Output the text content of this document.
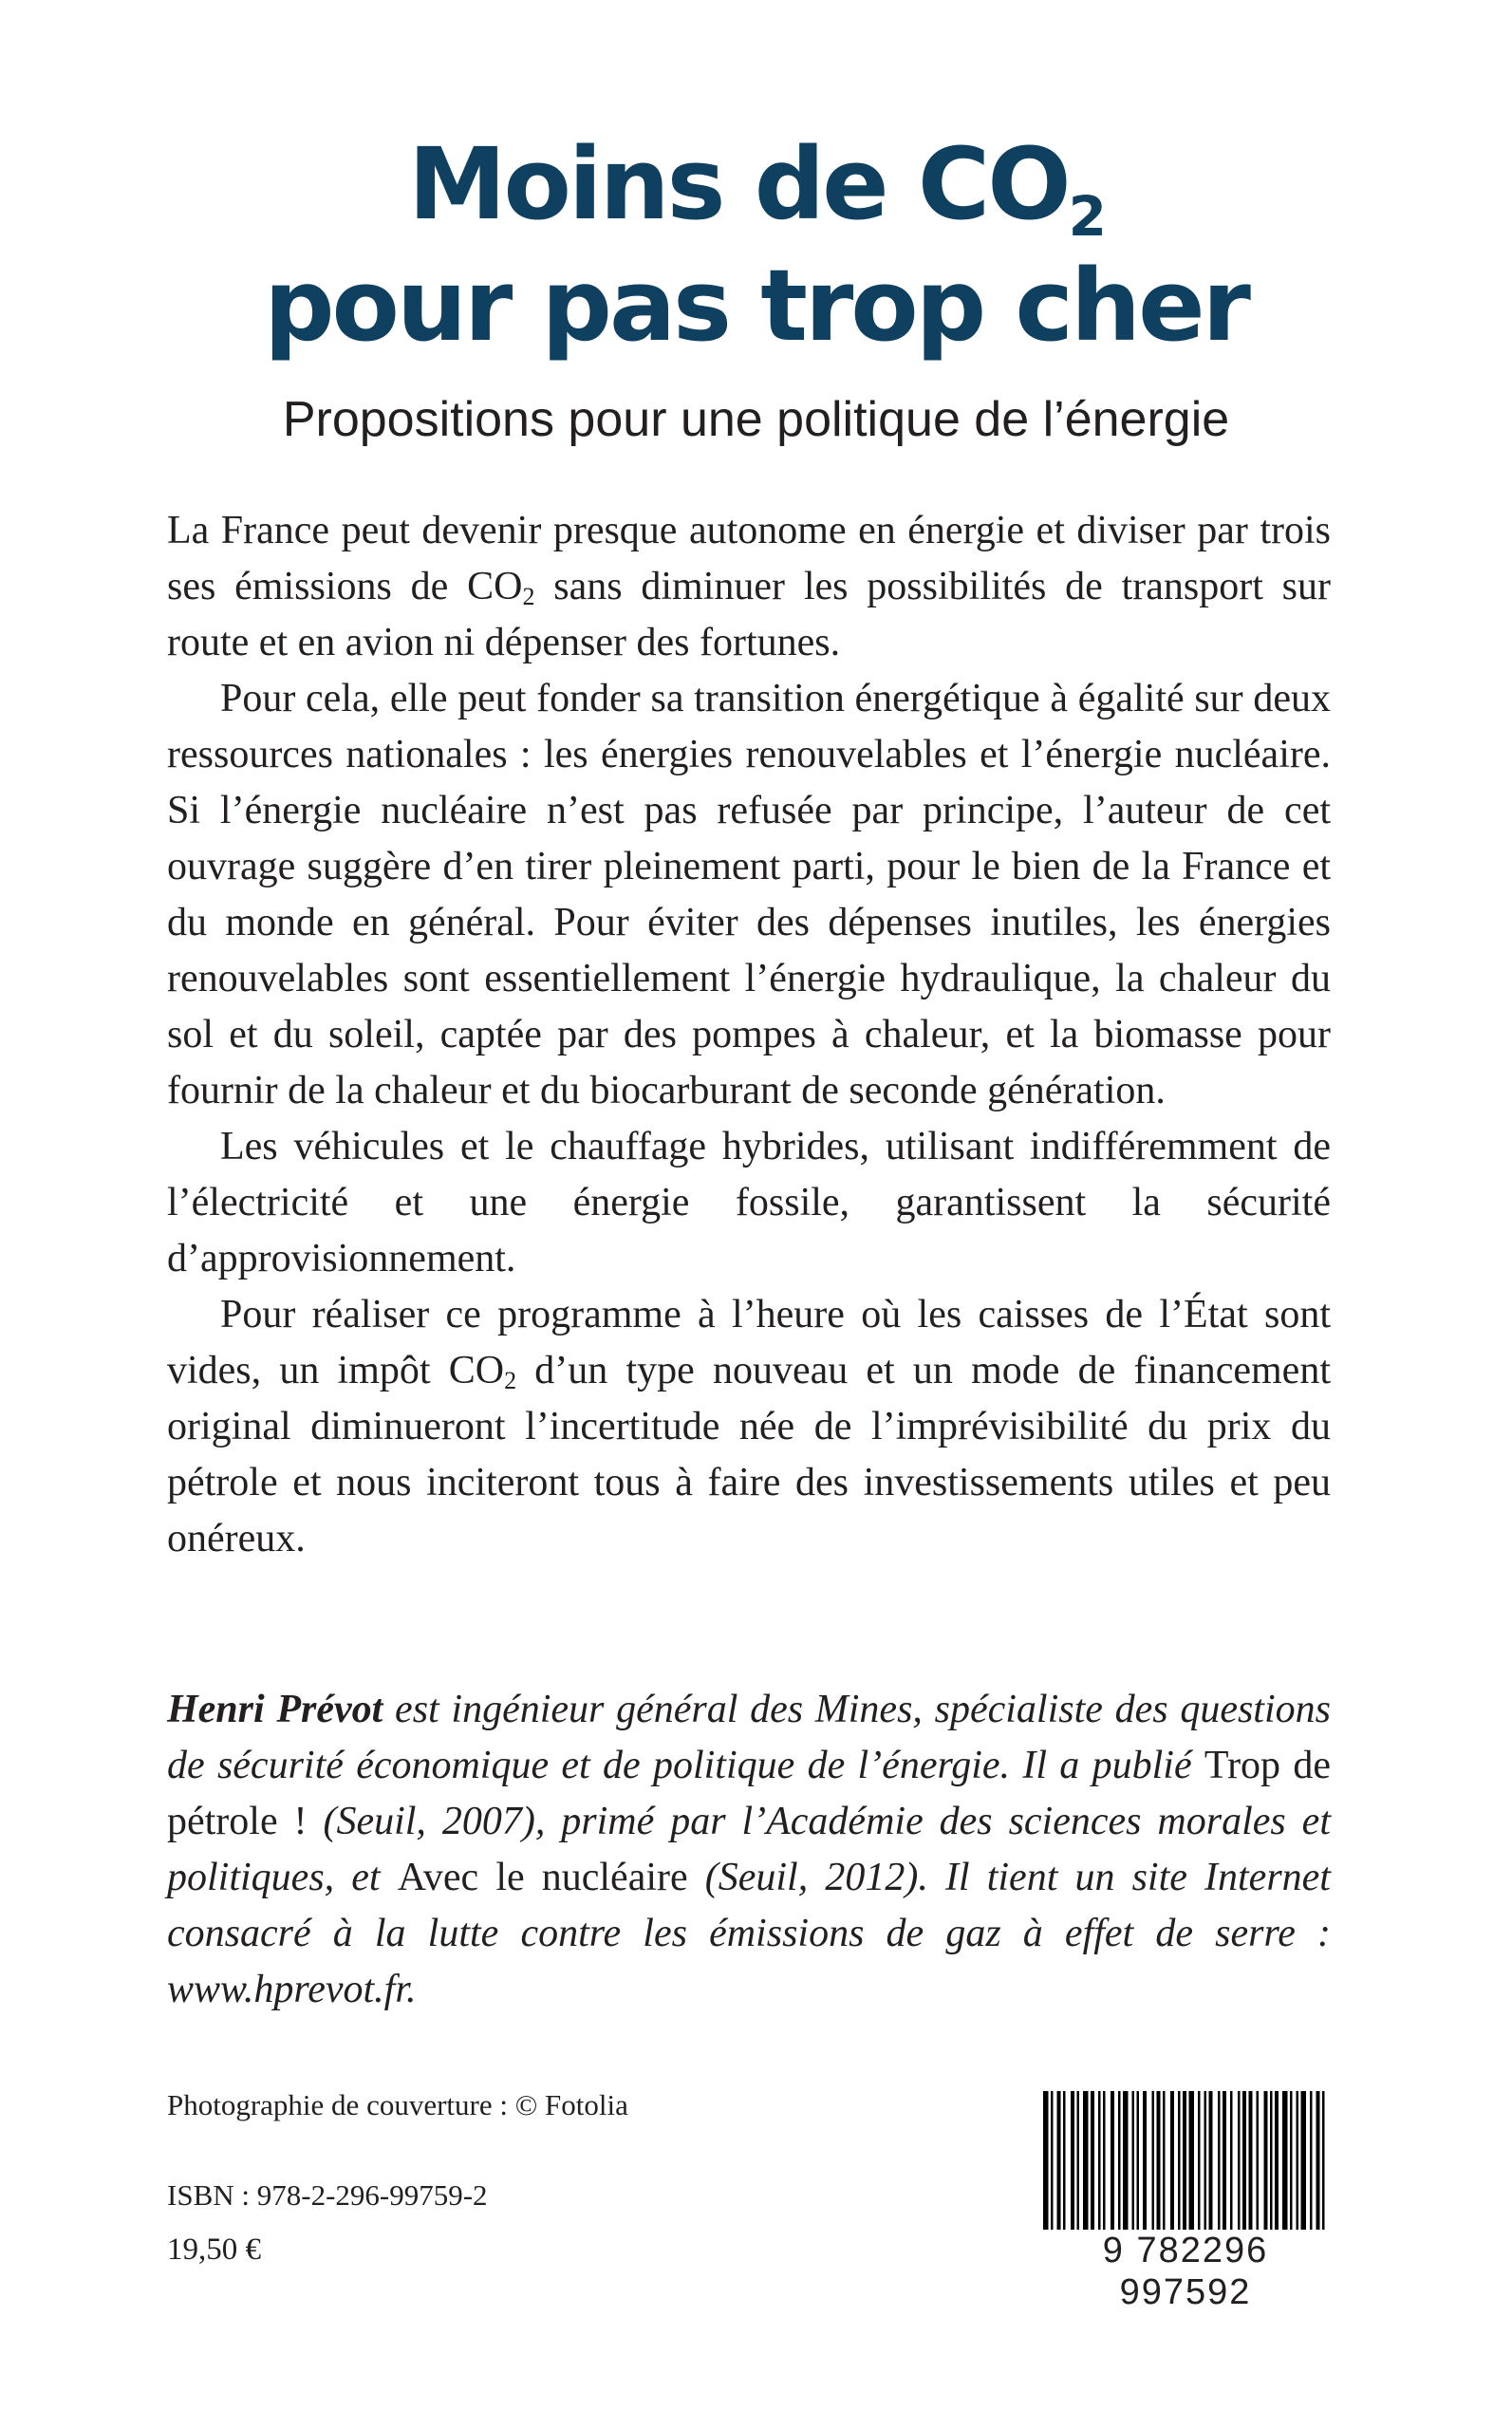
Moins de $CO_2$
pour pas trop cher

Propositions pour une politique de l’énergie

La France peut devenir presque autonome en énergie et diviser par trois ses émissions de $CO_2$ sans diminuer les possibilités de transport sur route et en avion ni dépenser des fortunes.

Pour cela, elle peut fonder sa transition énergétique à égalité sur deux ressources nationales : les énergies renouvelables et l’énergie nucléaire. Si l’énergie nucléaire n’est pas refusée par principe, l’auteur de cet ouvrage suggère d’en tirer pleinement parti, pour le bien de la France et du monde en général. Pour éviter des dépenses inutiles, les énergies renouvelables sont essentiellement l’énergie hydraulique, la chaleur du sol et du soleil, captée par des pompes à chaleur, et la biomasse pour fournir de la chaleur et du biocarburant de seconde génération.

Les véhicules et le chauffage hybrides, utilisant indifféremment de l’électricité et une énergie fossile, garantissent la sécurité d’approvisionnement.

Pour réaliser ce programme à l’heure où les caisses de l’État sont vides, un impôt $CO_2$ d’un type nouveau et un mode de financement original diminueront l’incertitude née de l’imprévisibilité du prix du pétrole et nous inciteront tous à faire des investissements utiles et peu onéreux.

Henri Prévot est ingénieur général des Mines, spécialiste des questions de sécurité économique et de politique de l’énergie. Il a publié Trop de pétrole ! (Seuil, 2007), primé par l’Académie des sciences morales et politiques, et Avec le nucléaire (Seuil, 2012). Il tient un site Internet consacré à la lutte contre les émissions de gaz à effet de serre : www.hprevot.fr.

Photographie de couverture : © Fotolia

ISBN : 978-2-296-99759-2

19,50 €	9 782296 997592
